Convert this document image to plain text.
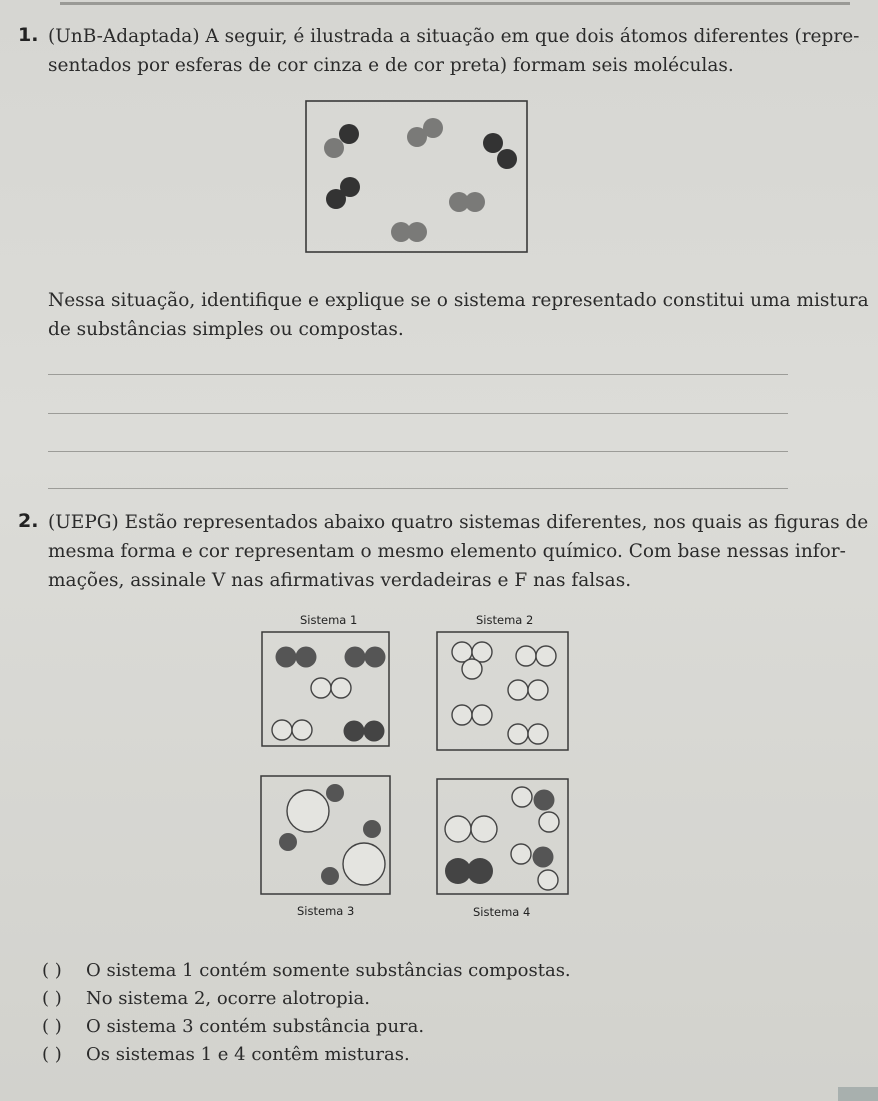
1. (UnB-Adaptada) A seguir, é ilustrada a situação em que dois átomos diferentes (repre-
sentados por esferas de cor cinza e de cor preta) formam seis moléculas.
Nessa situação, identifique e explique se o sistema representado constitui uma mistura
de substâncias simples ou compostas.
2. (UEPG) Estão representados abaixo quatro sistemas diferentes, nos quais as figuras de
mesma forma e cor representam o mesmo elemento químico. Com base nessas infor-
mações, assinale V nas afirmativas verdadeiras e F nas falsas.
Sistema 1	Sistema 2
Sistema 3	Sistema 4
( ) O sistema 1 contém somente substâncias compostas.
( ) No sistema 2, ocorre alotropia.
( ) O sistema 3 contém substância pura.
( ) Os sistemas 1 e 4 contêm misturas.
